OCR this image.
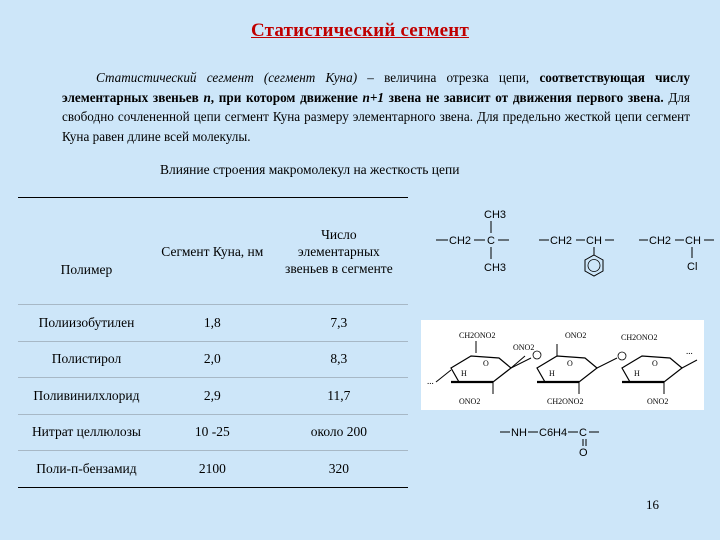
Статистический сегмент
Статистический сегмент (сегмент Куна) – величина отрезка цепи, соответствующая числу элементарных звеньев n, при котором движение n+1 звена не зависит от движения первого звена. Для свободно сочлененной цепи сегмент Куна размеру элементарного звена. Для предельно жесткой цепи сегмент Куна равен длине всей молекулы.
Влияние строения макромолекул на жесткость цепи
Полимер	Сегмент Куна, нм	Число элементарных звеньев в сегменте
Полиизобутилен	1,8	7,3
Полистирол	2,0	8,3
Поливинилхлорид	2,9	11,7
Нитрат целлюлозы	10 -25	около 200
Поли-п-бензамид	2100	320
CH3
CH2 C
CH3
CH2 CH	CH2 CH
Cl
CH2ONO2
O
H
...
ONO2
ONO2
CH2ONO2
O
H
ONO2	CH2ONO2
O
H
ONO2
...
NH C6H4 C
O
16
